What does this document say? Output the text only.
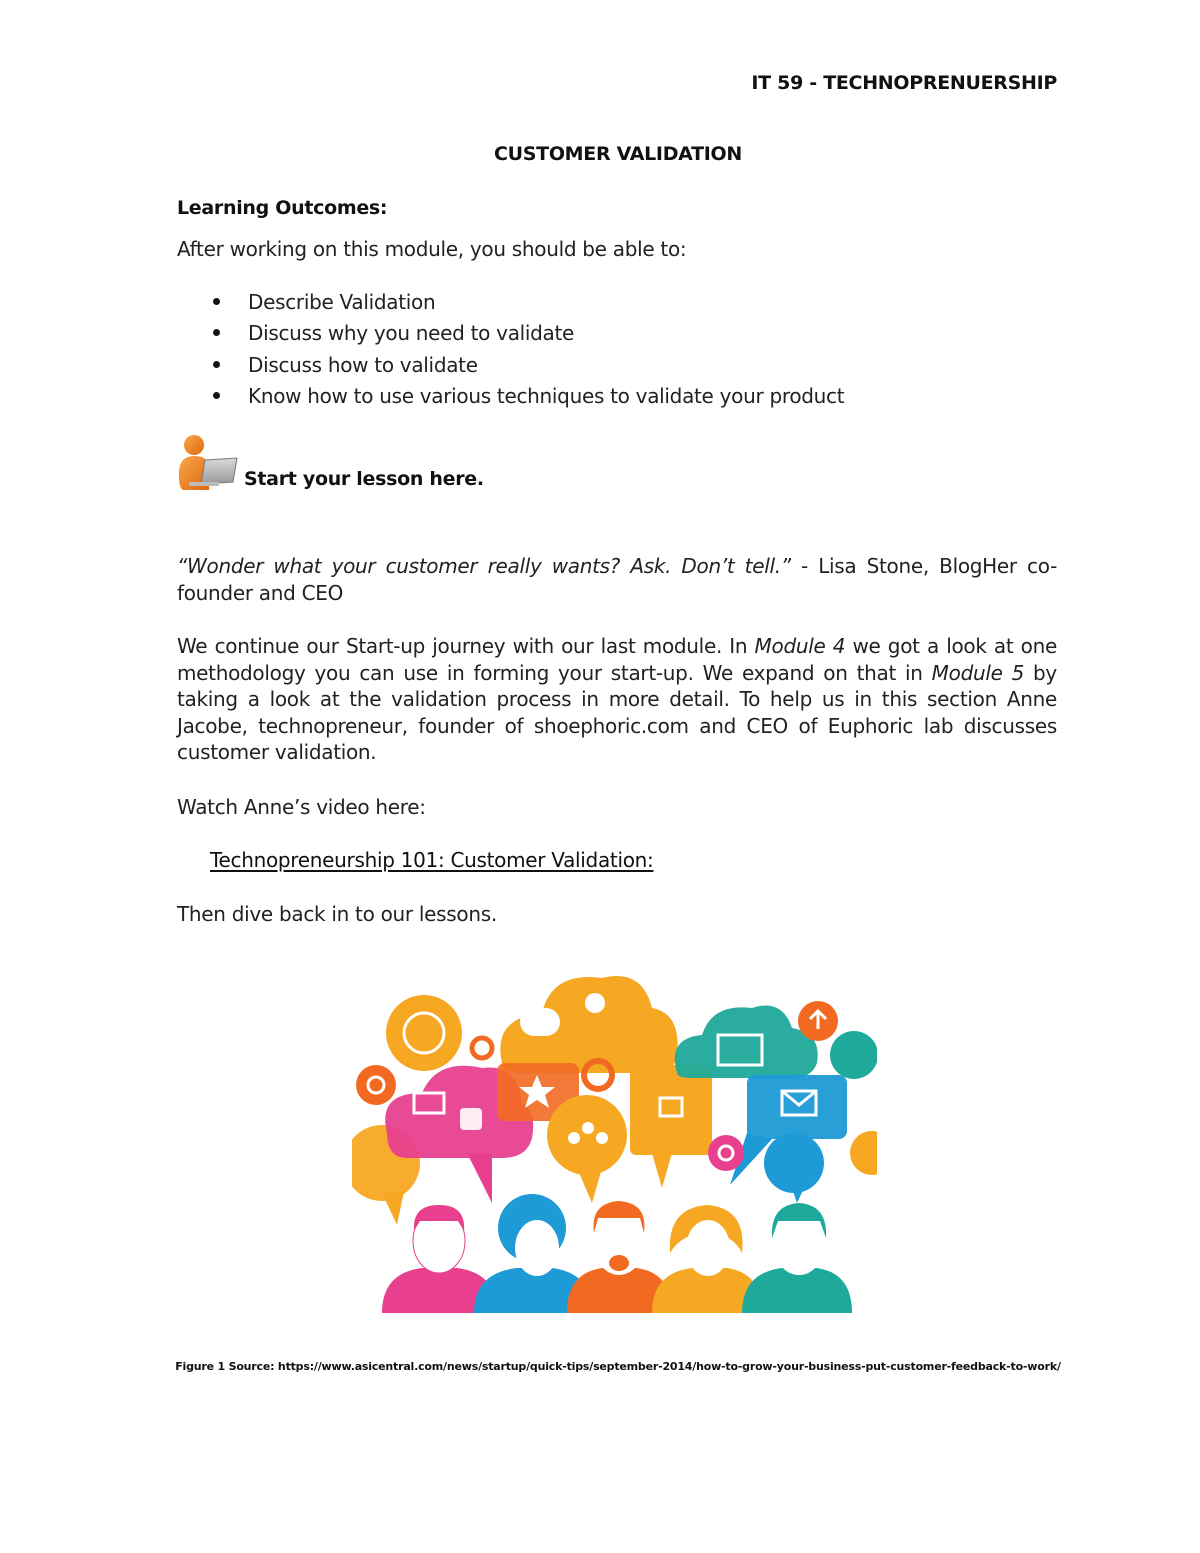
IT 59 - TECHNOPRENUERSHIP
CUSTOMER VALIDATION
Learning Outcomes:
After working on this module, you should be able to:
Describe Validation
Discuss why you need to validate
Discuss how to validate
Know how to use various techniques to validate your product
Start your lesson here.
“Wonder what your customer really wants? Ask. Don’t tell.” - Lisa Stone, BlogHer co-founder and CEO
We continue our Start-up journey with our last module. In Module 4 we got a look at one methodology you can use in forming your start-up. We expand on that in Module 5 by taking a look at the validation process in more detail. To help us in this section Anne Jacobe, technopreneur, founder of shoephoric.com and CEO of Euphoric lab discusses customer validation.
Watch Anne’s video here:
Technopreneurship 101: Customer Validation:
Then dive back in to our lessons.
Figure 1 Source: https://www.asicentral.com/news/startup/quick-tips/september-2014/how-to-grow-your-business-put-customer-feedback-to-work/
